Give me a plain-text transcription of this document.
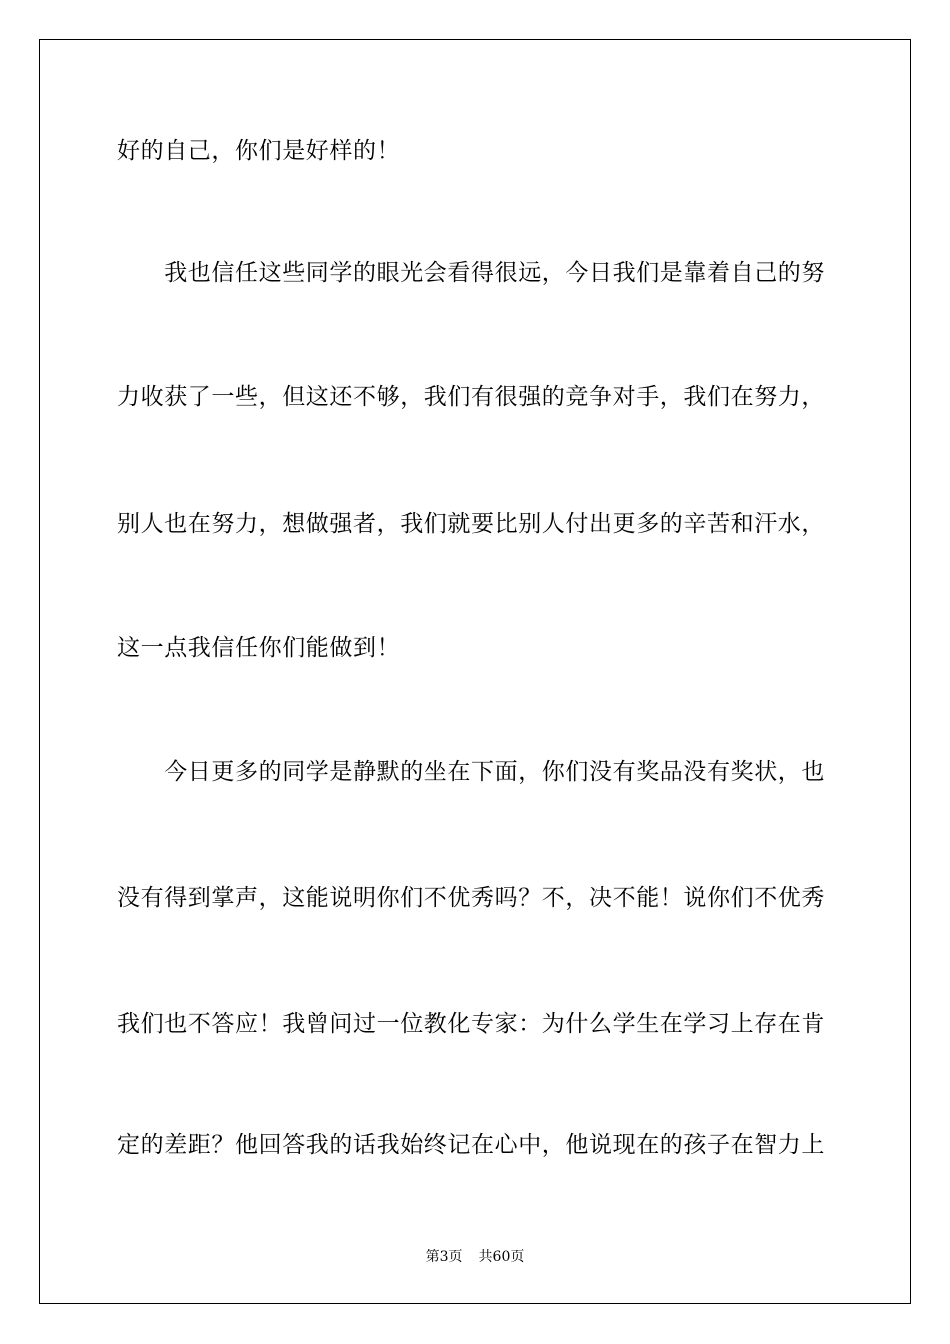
好的自己，你们是好样的！
　　我也信任这些同学的眼光会看得很远，今日我们是靠着自己的努
力收获了一些，但这还不够，我们有很强的竞争对手，我们在努力，
别人也在努力，想做强者，我们就要比别人付出更多的辛苦和汗水，
这一点我信任你们能做到！
　　今日更多的同学是静默的坐在下面，你们没有奖品没有奖状，也
没有得到掌声，这能说明你们不优秀吗？不，决不能！说你们不优秀
我们也不答应！我曾问过一位教化专家：为什么学生在学习上存在肯
定的差距？他回答我的话我始终记在心中，他说现在的孩子在智力上
第3页 共60页
